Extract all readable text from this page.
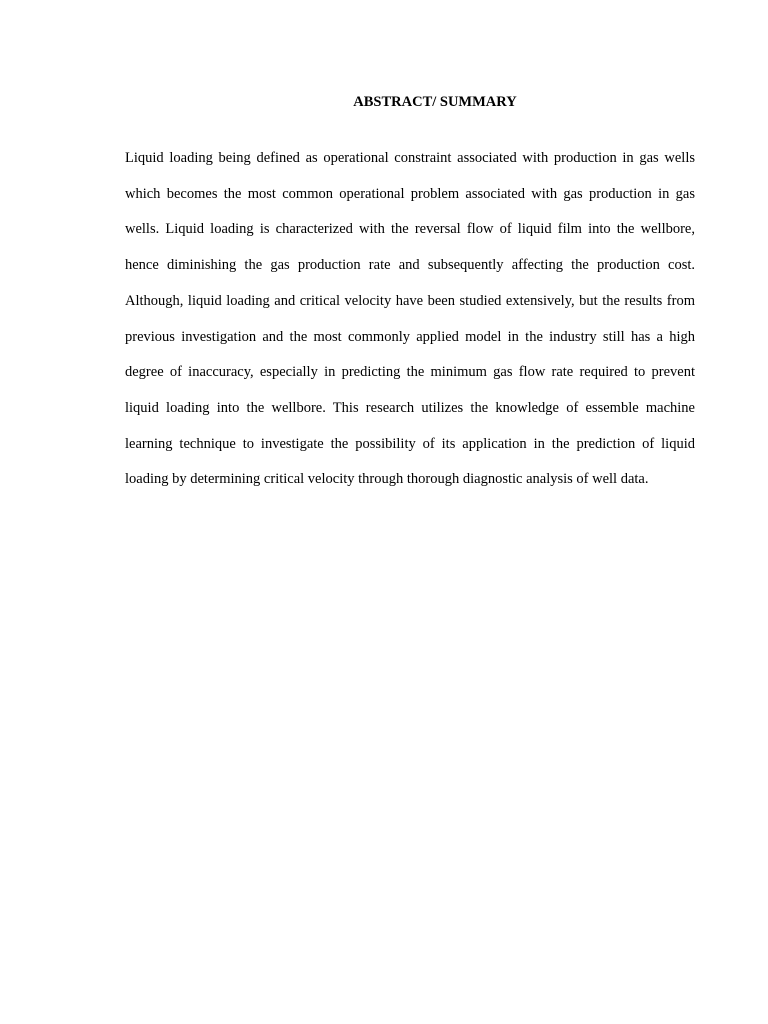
ABSTRACT/ SUMMARY

Liquid loading being defined as operational constraint associated with production in gas wells which becomes the most common operational problem associated with gas production in gas wells. Liquid loading is characterized with the reversal flow of liquid film into the wellbore, hence diminishing the gas production rate and subsequently affecting the production cost. Although, liquid loading and critical velocity have been studied extensively, but the results from previous investigation and the most commonly applied model in the industry still has a high degree of inaccuracy, especially in predicting the minimum gas flow rate required to prevent liquid loading into the wellbore. This research utilizes the knowledge of essemble machine learning technique to investigate the possibility of its application in the prediction of liquid loading by determining critical velocity through thorough diagnostic analysis of well data.
